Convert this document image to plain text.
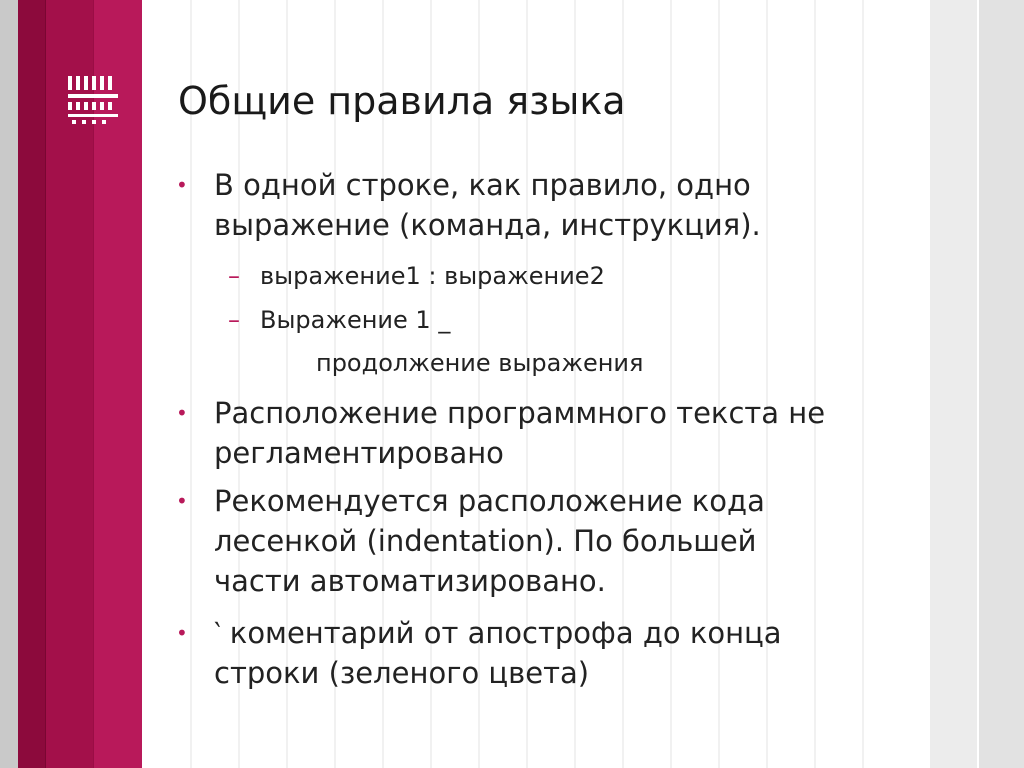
Общие правила языка
• В одной строке, как правило, одно
выражение (команда, инструкция).
– выражение1 : выражение2
– Выражение 1 _
продолжение выражения
• Расположение программного текста не
регламентировано
• Рекомендуется расположение кода
лесенкой (indentation). По большей
части автоматизировано.
• ‵ коментарий от апострофа до конца
строки (зеленого цвета)
